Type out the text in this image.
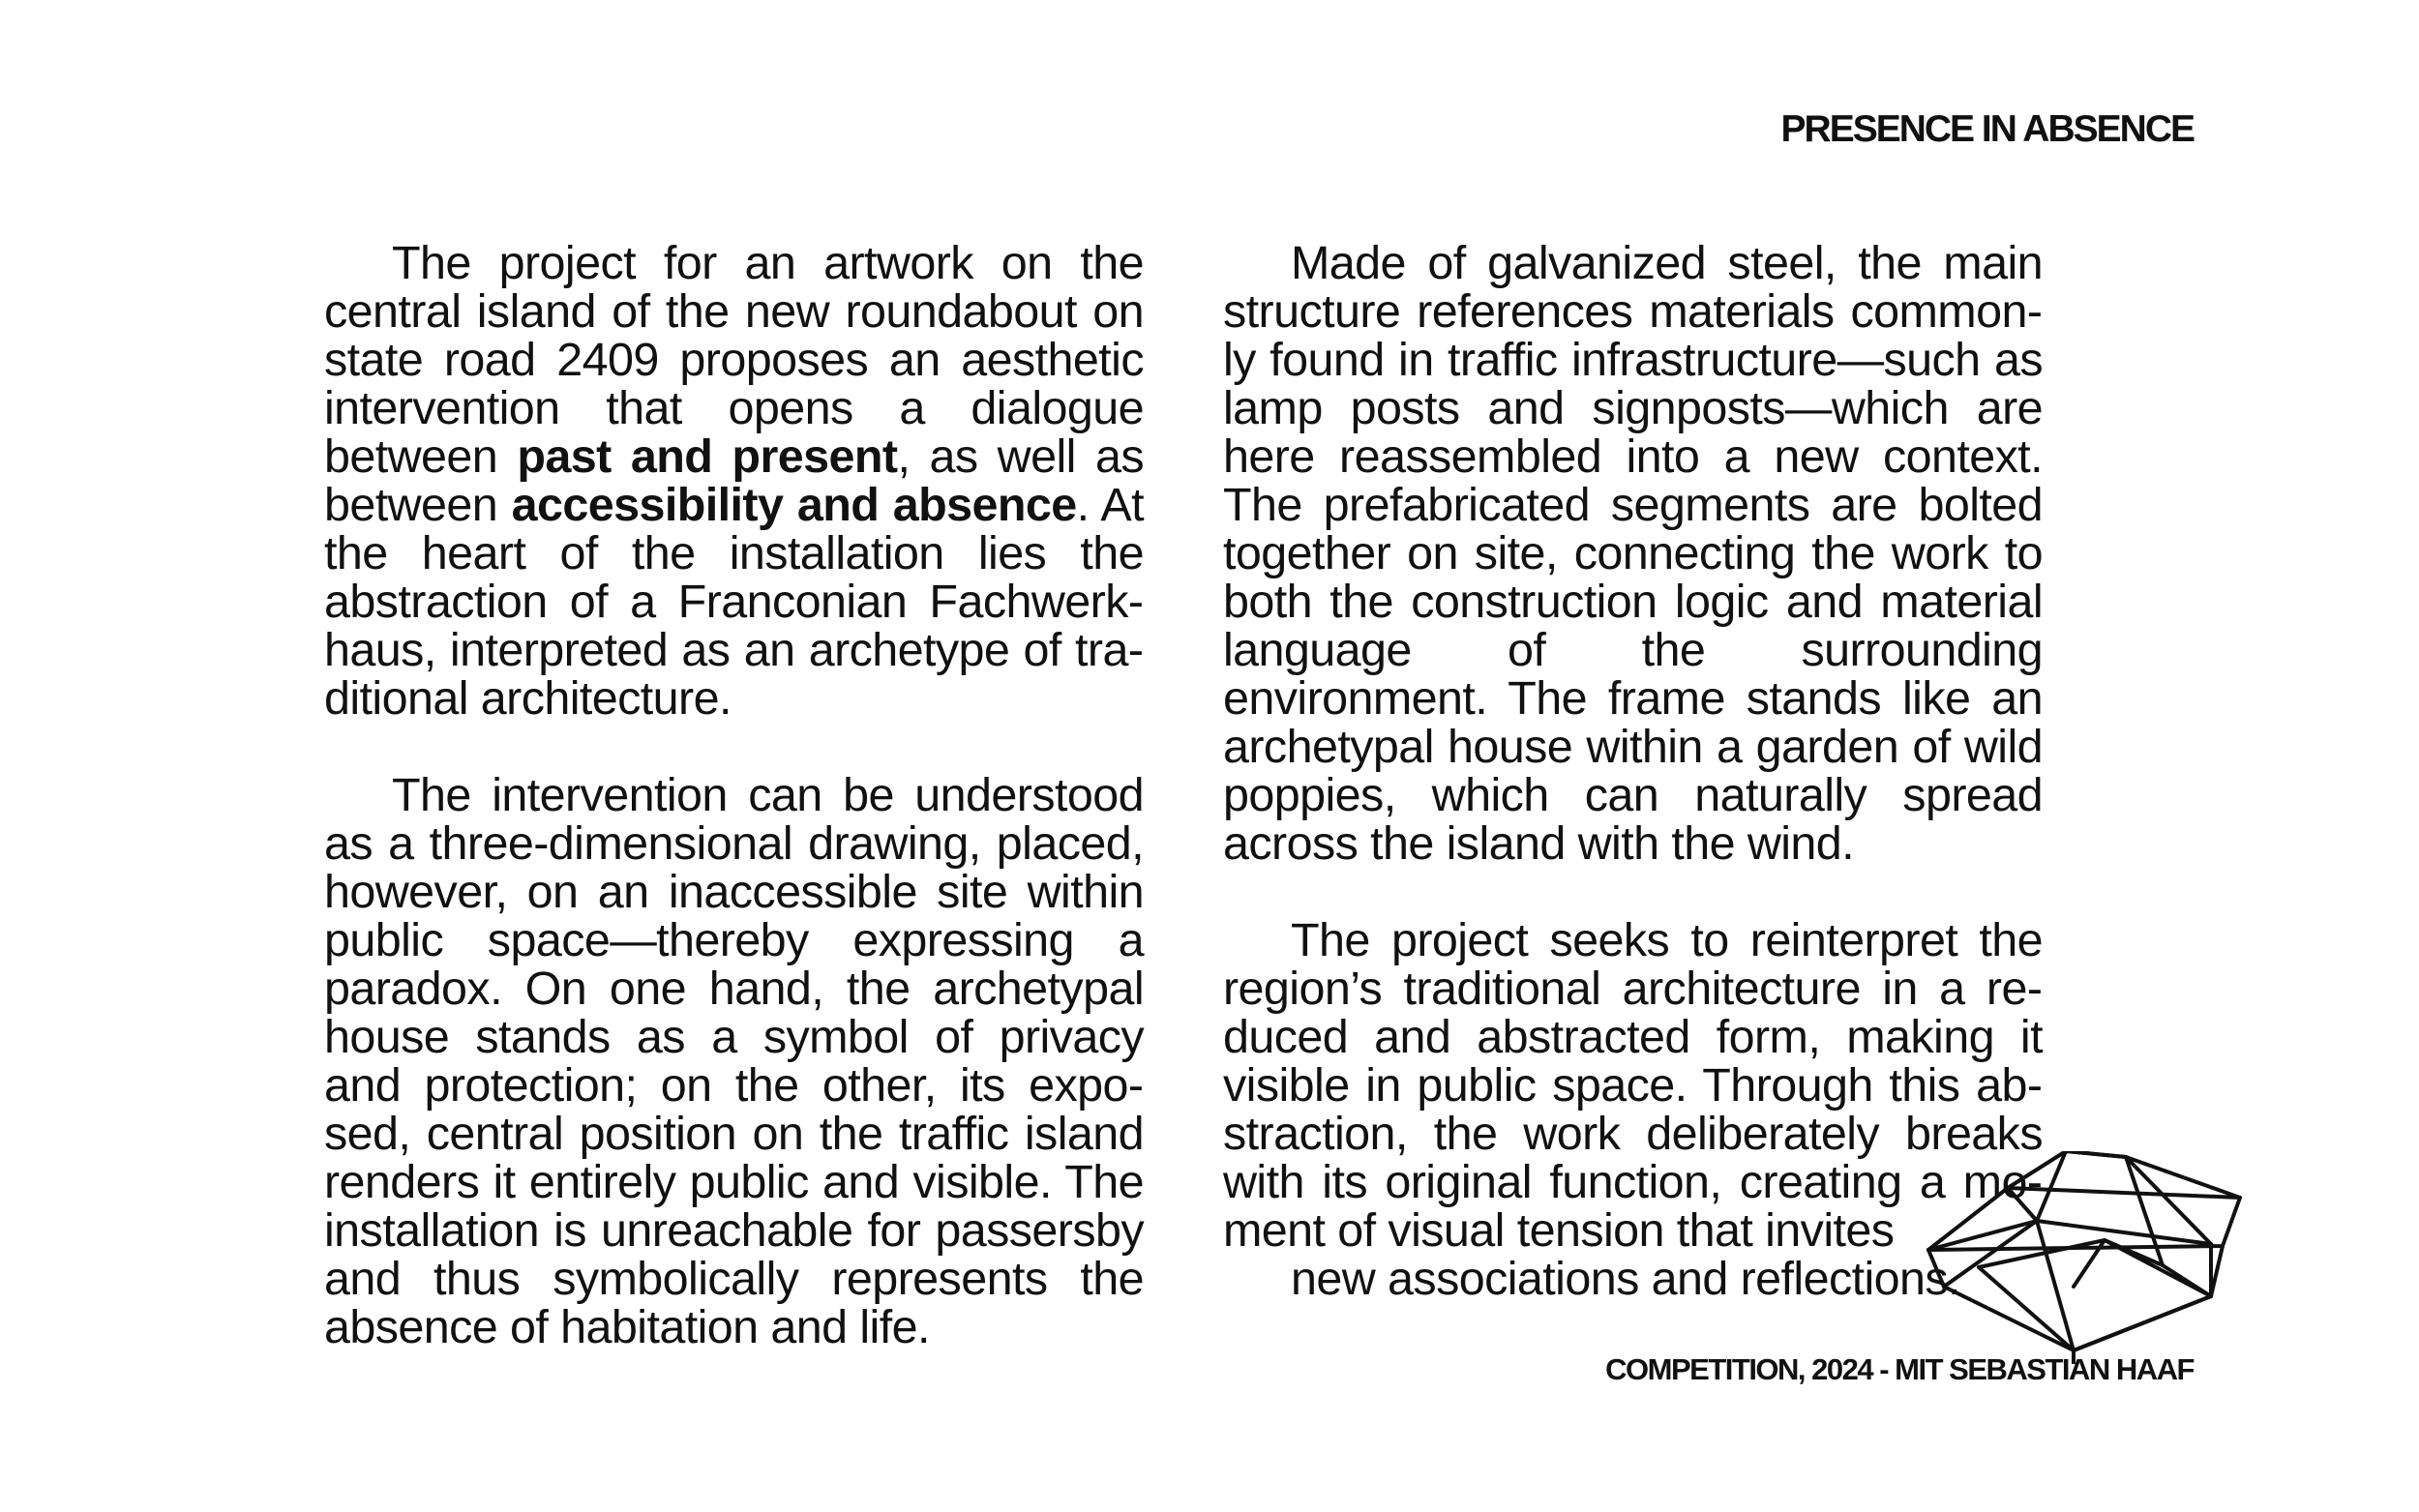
PRESENCE IN ABSENCE

The project for an artwork on the central island of the new roundabout on state road 2409 proposes an aesthetic intervention that opens a dialogue between past and present, as well as between accessibility and absence. At the heart of the installation lies the abstraction of a Franconian Fachwerkhaus, interpreted as an archetype of traditional architecture.

The intervention can be understood as a three-dimensional drawing, placed, however, on an inaccessible site within public space—thereby expressing a paradox. On one hand, the archetypal house stands as a symbol of privacy and protection; on the other, its exposed, central position on the traffic island renders it entirely public and visible. The installation is unreachable for passersby and thus symbolically represents the absence of habitation and life.

Made of galvanized steel, the main structure references materials commonly found in traffic infrastructure—such as lamp posts and signposts—which are here reassembled into a new context. The prefabricated segments are bolted together on site, connecting the work to both the construction logic and material language of the surrounding environment. The frame stands like an archetypal house within a garden of wild poppies, which can naturally spread across the island with the wind.

The project seeks to reinterpret the region’s traditional architecture in a reduced and abstracted form, making it visible in public space. Through this abstraction, the work deliberately breaks with its original function, creating a moment of visual tension that invites
new associations and reflections.

COMPETITION, 2024 - MIT SEBASTIAN HAAF
